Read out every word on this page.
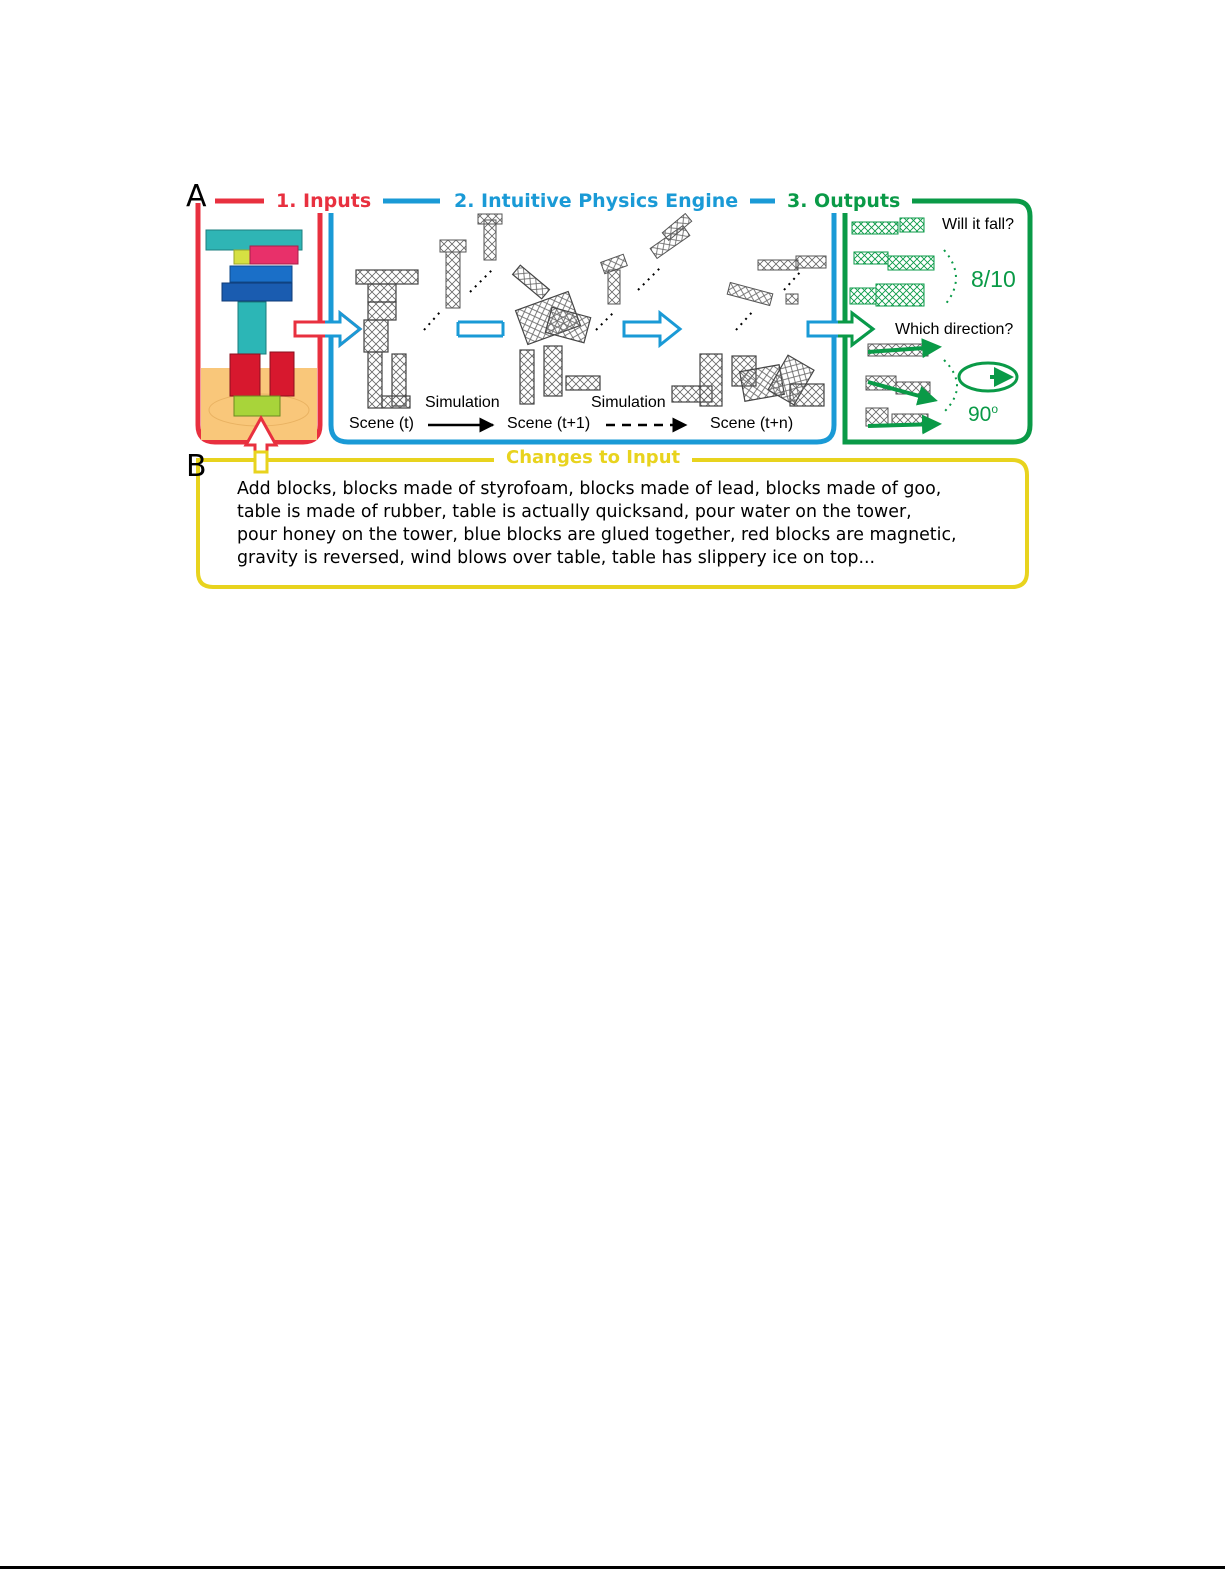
A
B
1. Inputs	2. Intuitive Physics Engine	3. Outputs
Changes to Input
Simulation	Simulation
Scene (t)	Scene (t+1)	Scene (t+n)
Will it fall?
8/10
Which direction?
90$^o$
Add blocks, blocks made of styrofoam, blocks made of lead, blocks made of goo,
table is made of rubber, table is actually quicksand, pour water on the tower,
pour honey on the tower, blue blocks are glued together, red blocks are magnetic,
gravity is reversed, wind blows over table, table has slippery ice on top...
